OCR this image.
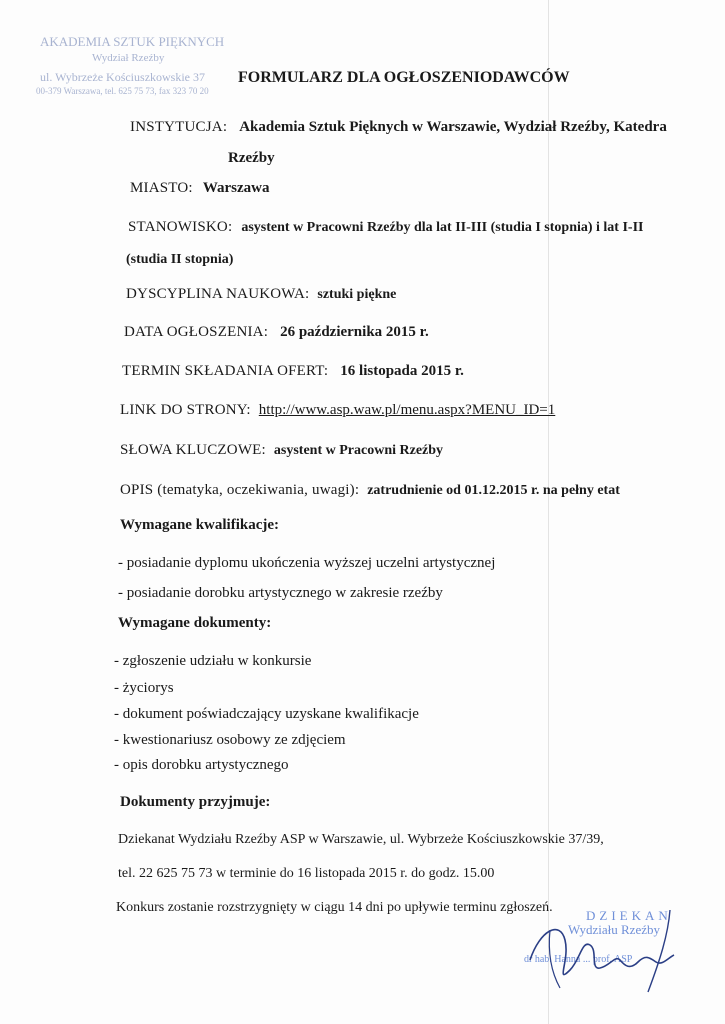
AKADEMIA SZTUK PIĘKNYCH
Wydział Rzeźby
ul. Wybrzeże Kościuszkowskie 37
00-379 Warszawa, tel. 625 75 73, fax 323 70 20
FORMULARZ DLA OGŁOSZENIODAWCÓW
INSTYTUCJA: Akademia Sztuk Pięknych w Warszawie, Wydział Rzeźby, Katedra
Rzeźby
MIASTO: Warszawa
STANOWISKO: asystent w Pracowni Rzeźby dla lat II-III (studia I stopnia) i lat I-II
(studia II stopnia)
DYSCYPLINA NAUKOWA: sztuki piękne
DATA OGŁOSZENIA: 26 października 2015 r.
TERMIN SKŁADANIA OFERT: 16 listopada 2015 r.
LINK DO STRONY: http://www.asp.waw.pl/menu.aspx?MENU_ID=1
SŁOWA KLUCZOWE: asystent w Pracowni Rzeźby
OPIS (tematyka, oczekiwania, uwagi): zatrudnienie od 01.12.2015 r. na pełny etat
Wymagane kwalifikacje:
- posiadanie dyplomu ukończenia wyższej uczelni artystycznej
- posiadanie dorobku artystycznego w zakresie rzeźby
Wymagane dokumenty:
- zgłoszenie udziału w konkursie
- życiorys
- dokument poświadczający uzyskane kwalifikacje
- kwestionariusz osobowy ze zdjęciem
- opis dorobku artystycznego
Dokumenty przyjmuje:
Dziekanat Wydziału Rzeźby ASP w Warszawie, ul. Wybrzeże Kościuszkowskie 37/39,
tel. 22 625 75 73 w terminie do 16 listopada 2015 r. do godz. 15.00
Konkurs zostanie rozstrzygnięty w ciągu 14 dni po upływie terminu zgłoszeń.
DZIEKAN
Wydziału Rzeźby
dr hab. Hanna ... prof. ASP
